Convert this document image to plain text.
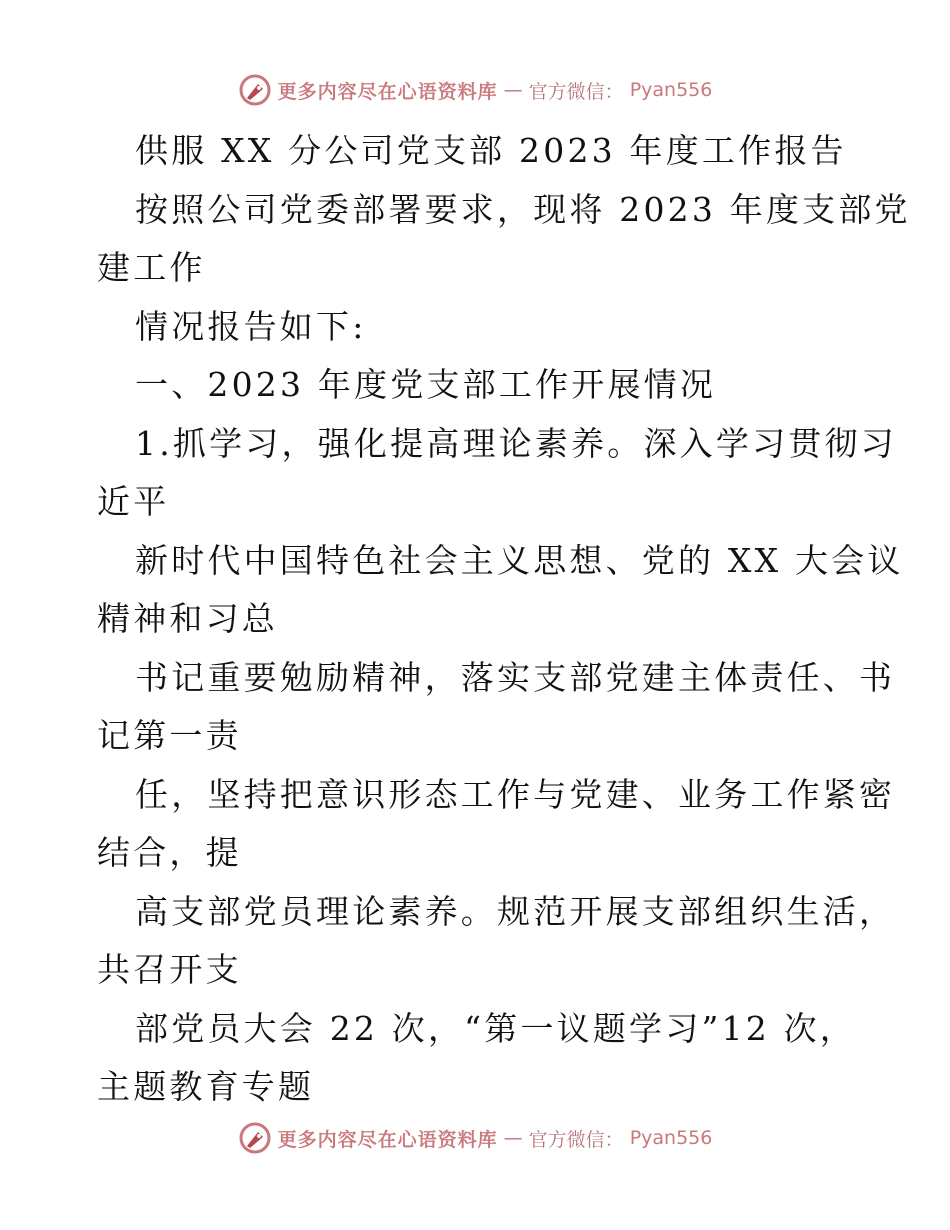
更多内容尽在心语资料库 — 官方微信： Pyan556
供服 XX 分公司党支部 2023 年度工作报告
按照公司党委部署要求，现将 2023 年度支部党
建工作
情况报告如下:
一、2023 年度党支部工作开展情况
1.抓学习，强化提高理论素养。深入学习贯彻习
近平
新时代中国特色社会主义思想、党的 XX 大会议
精神和习总
书记重要勉励精神，落实支部党建主体责任、书
记第一责
任，坚持把意识形态工作与党建、业务工作紧密
结合，提
高支部党员理论素养。规范开展支部组织生活，
共召开支
部党员大会 22 次，“第一议题学习”12 次，
主题教育专题
更多内容尽在心语资料库 — 官方微信： Pyan556
